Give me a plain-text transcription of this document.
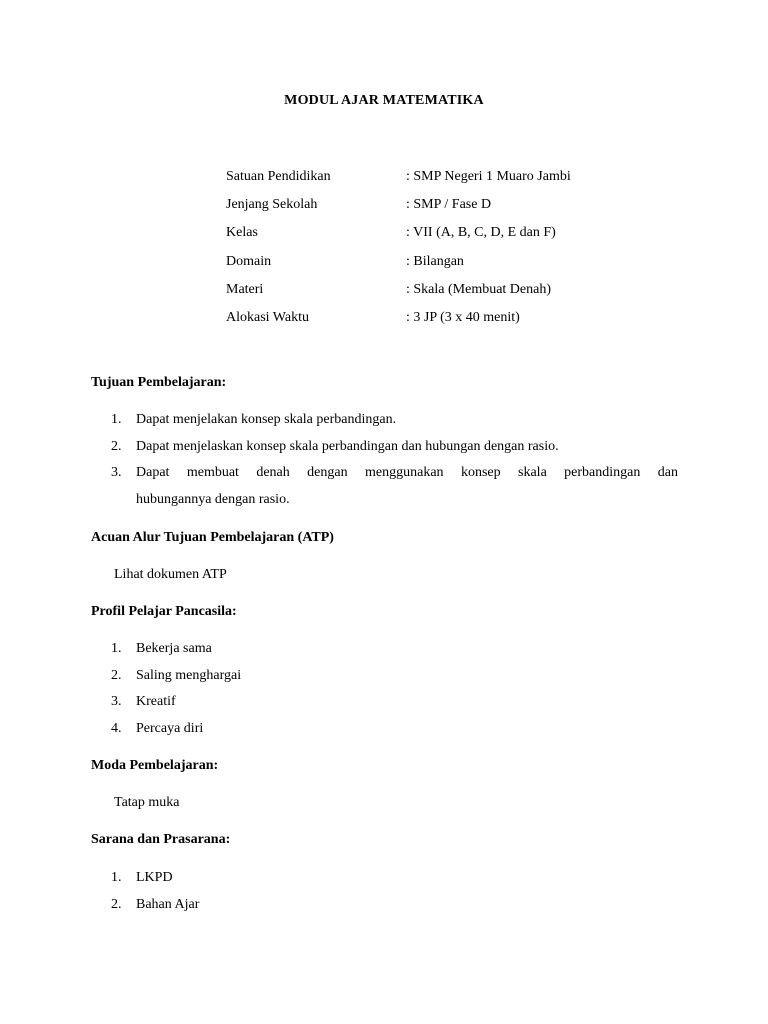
MODUL AJAR MATEMATIKA
Satuan Pendidikan	: SMP Negeri 1 Muaro Jambi
Jenjang Sekolah	: SMP / Fase D
Kelas	: VII (A, B, C, D, E dan F)
Domain	: Bilangan
Materi	: Skala (Membuat Denah)
Alokasi Waktu	: 3 JP (3 x 40 menit)
Tujuan Pembelajaran:
1.	Dapat menjelakan konsep skala perbandingan.
2.	Dapat menjelaskan konsep skala perbandingan dan hubungan dengan rasio.
3.	Dapat membuat denah dengan menggunakan konsep skala perbandingan dan
hubungannya dengan rasio.
Acuan Alur Tujuan Pembelajaran (ATP)
Lihat dokumen ATP
Profil Pelajar Pancasila:
1.	Bekerja sama
2.	Saling menghargai
3.	Kreatif
4.	Percaya diri
Moda Pembelajaran:
Tatap muka
Sarana dan Prasarana:
1.	LKPD
2.	Bahan Ajar
